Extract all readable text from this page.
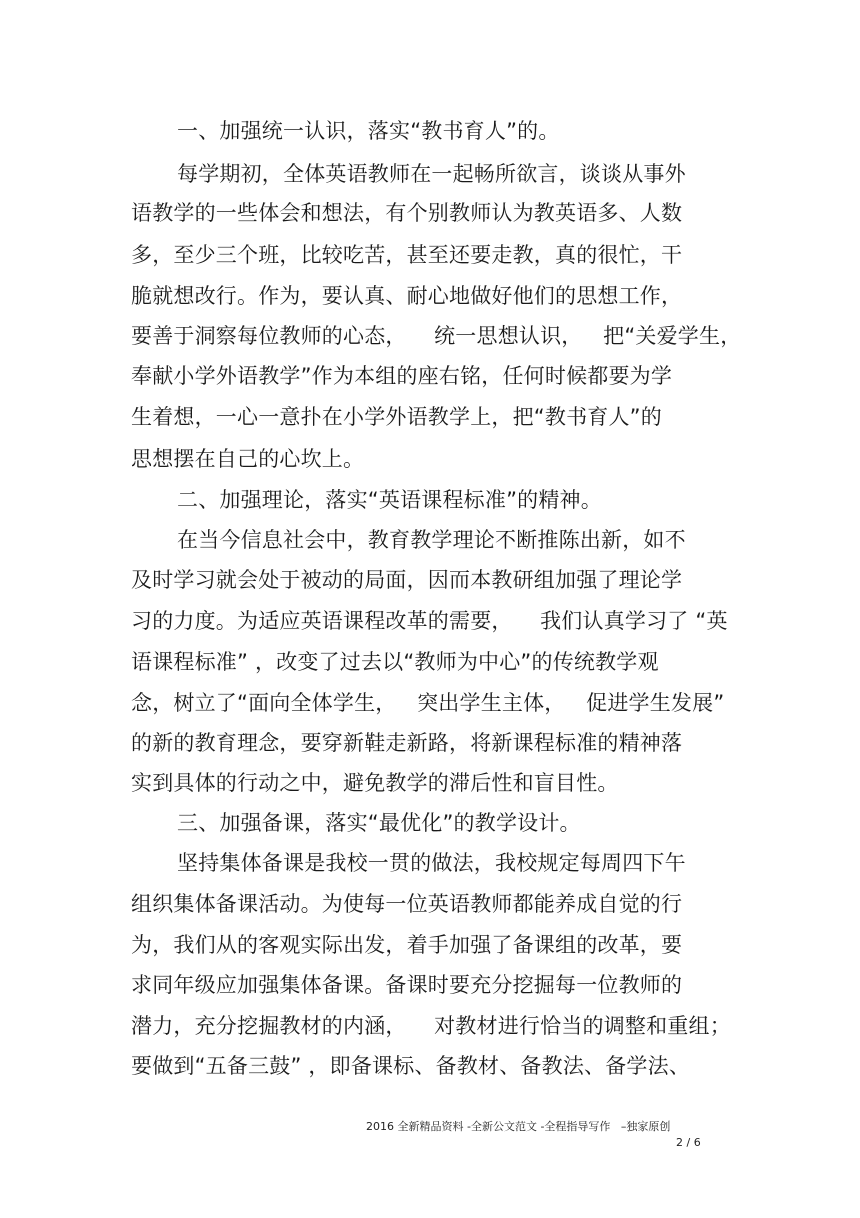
一、加强统一认识，落实“教书育人”的。
每学期初，全体英语教师在一起畅所欲言，谈谈从事外
语教学的一些体会和想法，有个别教师认为教英语多、人数
多，至少三个班，比较吃苦，甚至还要走教，真的很忙，干
脆就想改行。作为，要认真、耐心地做好他们的思想工作，
要善于洞察每位教师的心态，    统一思想认识，   把“关爱学生，
奉献小学外语教学”作为本组的座右铭，任何时候都要为学
生着想，一心一意扑在小学外语教学上，把“教书育人”的
思想摆在自己的心坎上。
二、加强理论，落实“英语课程标准”的精神。
在当今信息社会中，教育教学理论不断推陈出新，如不
及时学习就会处于被动的局面，因而本教研组加强了理论学
习的力度。为适应英语课程改革的需要，    我们认真学习了 “英
语课程标准” ，改变了过去以“教师为中心”的传统教学观
念，树立了“面向全体学生，   突出学生主体，   促进学生发展”
的新的教育理念，要穿新鞋走新路，将新课程标准的精神落
实到具体的行动之中，避免教学的滞后性和盲目性。
三、加强备课，落实“最优化”的教学设计。
坚持集体备课是我校一贯的做法，我校规定每周四下午
组织集体备课活动。为使每一位英语教师都能养成自觉的行
为，我们从的客观实际出发，着手加强了备课组的改革，要
求同年级应加强集体备课。备课时要充分挖掘每一位教师的
潜力，充分挖掘教材的内涵，    对教材进行恰当的调整和重组；
要做到“五备三鼓” ，即备课标、备教材、备教法、备学法、
2016 全新精品资料 -全新公文范文 -全程指导写作   –独家原创
2 / 6
